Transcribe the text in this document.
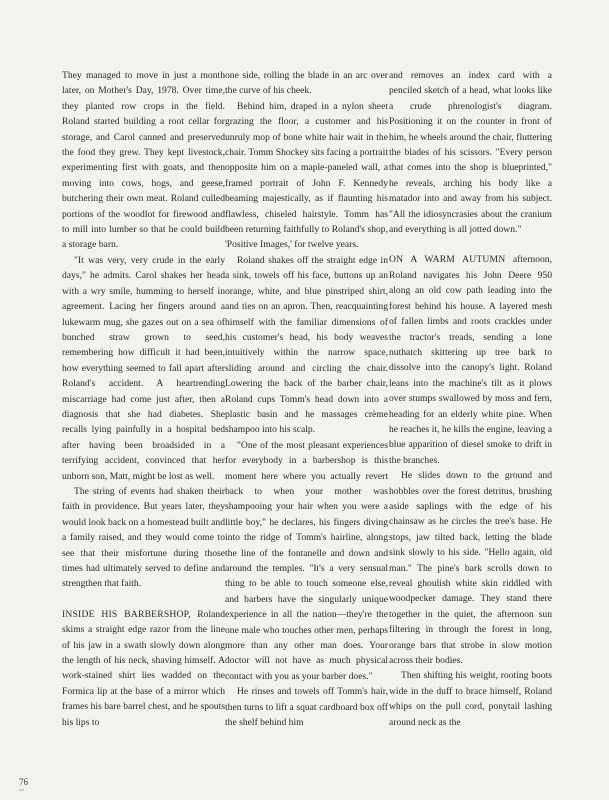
They managed to move in just a month later, on Mother's Day, 1978. Over time, they planted row crops in the field. Roland started building a root cellar for storage, and Carol canned and preserved the food they grew. They kept livestock, experimenting first with goats, and then moving into cows, hogs, and geese, butchering their own meat. Roland culled portions of the woodlot for firewood and to mill into lumber so that he could build a storage barn.

"It was very, very crude in the early days," he admits. Carol shakes her head with a wry smile, humming to herself in agreement. Lacing her fingers around a lukewarm mug, she gazes out on a sea of bunched straw grown to seed, remembering how difficult it had been, how everything seemed to fall apart after Roland's accident. A heartrending miscarriage had come just after, then a diagnosis that she had diabetes. She recalls lying painfully in a hospital bed after having been broadsided in a terrifying accident, convinced that her unborn son, Matt, might be lost as well.

The string of events had shaken their faith in providence. But years later, they would look back on a homestead built and a family raised, and they would come to see that their misfortune during those times had ultimately served to define and strengthen that faith.

INSIDE HIS BARBERSHOP, Roland skims a straight edge razor from the line of his jaw in a swath slowly down along the length of his neck, shaving himself. A work-stained shirt lies wadded on the Formica lip at the base of a mirror which frames his bare barrel chest, and he spouts his lips to

one side, rolling the blade in an arc over the curve of his cheek.

Behind him, draped in a nylon sheet grazing the floor, a customer and his unruly mop of bone white hair wait in the chair. Tomm Shockey sits facing a portrait opposite him on a maple-paneled wall, a framed portrait of John F. Kennedy beaming majestically, as if flaunting his flawless, chiseled hairstyle. Tomm has been returning faithfully to Roland's shop, 'Positive Images,' for twelve years.

Roland shakes off the straight edge in a sink, towels off his face, buttons up an orange, white, and blue pinstriped shirt, and ties on an apron. Then, reacquainting himself with the familiar dimensions of his customer's head, his body weaves intuitively within the narrow space, sliding around and circling the chair. Lowering the back of the barber chair, Roland cups Tomm's head down into a plastic basin and he massages crème shampoo into his scalp.

"One of the most pleasant experiences for everybody in a barbershop is this moment here where you actually revert back to when your mother was shampooing your hair when you were a little boy," he declares, his fingers diving into the ridge of Tomm's hairline, along the line of the fontanelle and down and around the temples. "It's a very sensual thing to be able to touch someone else, and barbers have the singularly unique experience in all the nation—they're the one male who touches other men, perhaps more than any other man does. Your doctor will not have as much physical contact with you as your barber does."

He rinses and towels off Tomm's hair, then turns to lift a squat cardboard box off the shelf behind him

and removes an index card with a penciled sketch of a head, what looks like a crude phrenologist's diagram. Positioning it on the counter in front of him, he wheels around the chair, fluttering the blades of his scissors. "Every person that comes into the shop is blueprinted," he reveals, arching his body like a matador into and away from his subject. "All the idiosyncrasies about the cranium and everything is all jotted down."

ON A WARM AUTUMN afternoon, Roland navigates his John Deere 950 along an old cow path leading into the forest behind his house. A layered mesh of fallen limbs and roots crackles under the tractor's treads, sending a lone nuthatch skittering up tree bark to dissolve into the canopy's light. Roland leans into the machine's tilt as it plows over stumps swallowed by moss and fern, heading for an elderly white pine. When he reaches it, he kills the engine, leaving a blue apparition of diesel smoke to drift in the branches.

He slides down to the ground and hobbles over the forest detritus, brushing aside saplings with the edge of his chainsaw as he circles the tree's base. He stops, jaw tilted back, letting the blade sink slowly to his side. "Hello again, old man." The pine's bark scrolls down to reveal ghoulish white skin riddled with woodpecker damage. They stand there together in the quiet, the afternoon sun filtering in through the forest in long, orange bars that strobe in slow motion across their bodies.

Then shifting his weight, rooting boots wide in the duff to brace himself, Roland whips on the pull cord, ponytail lashing around neck as the

76
xxi
